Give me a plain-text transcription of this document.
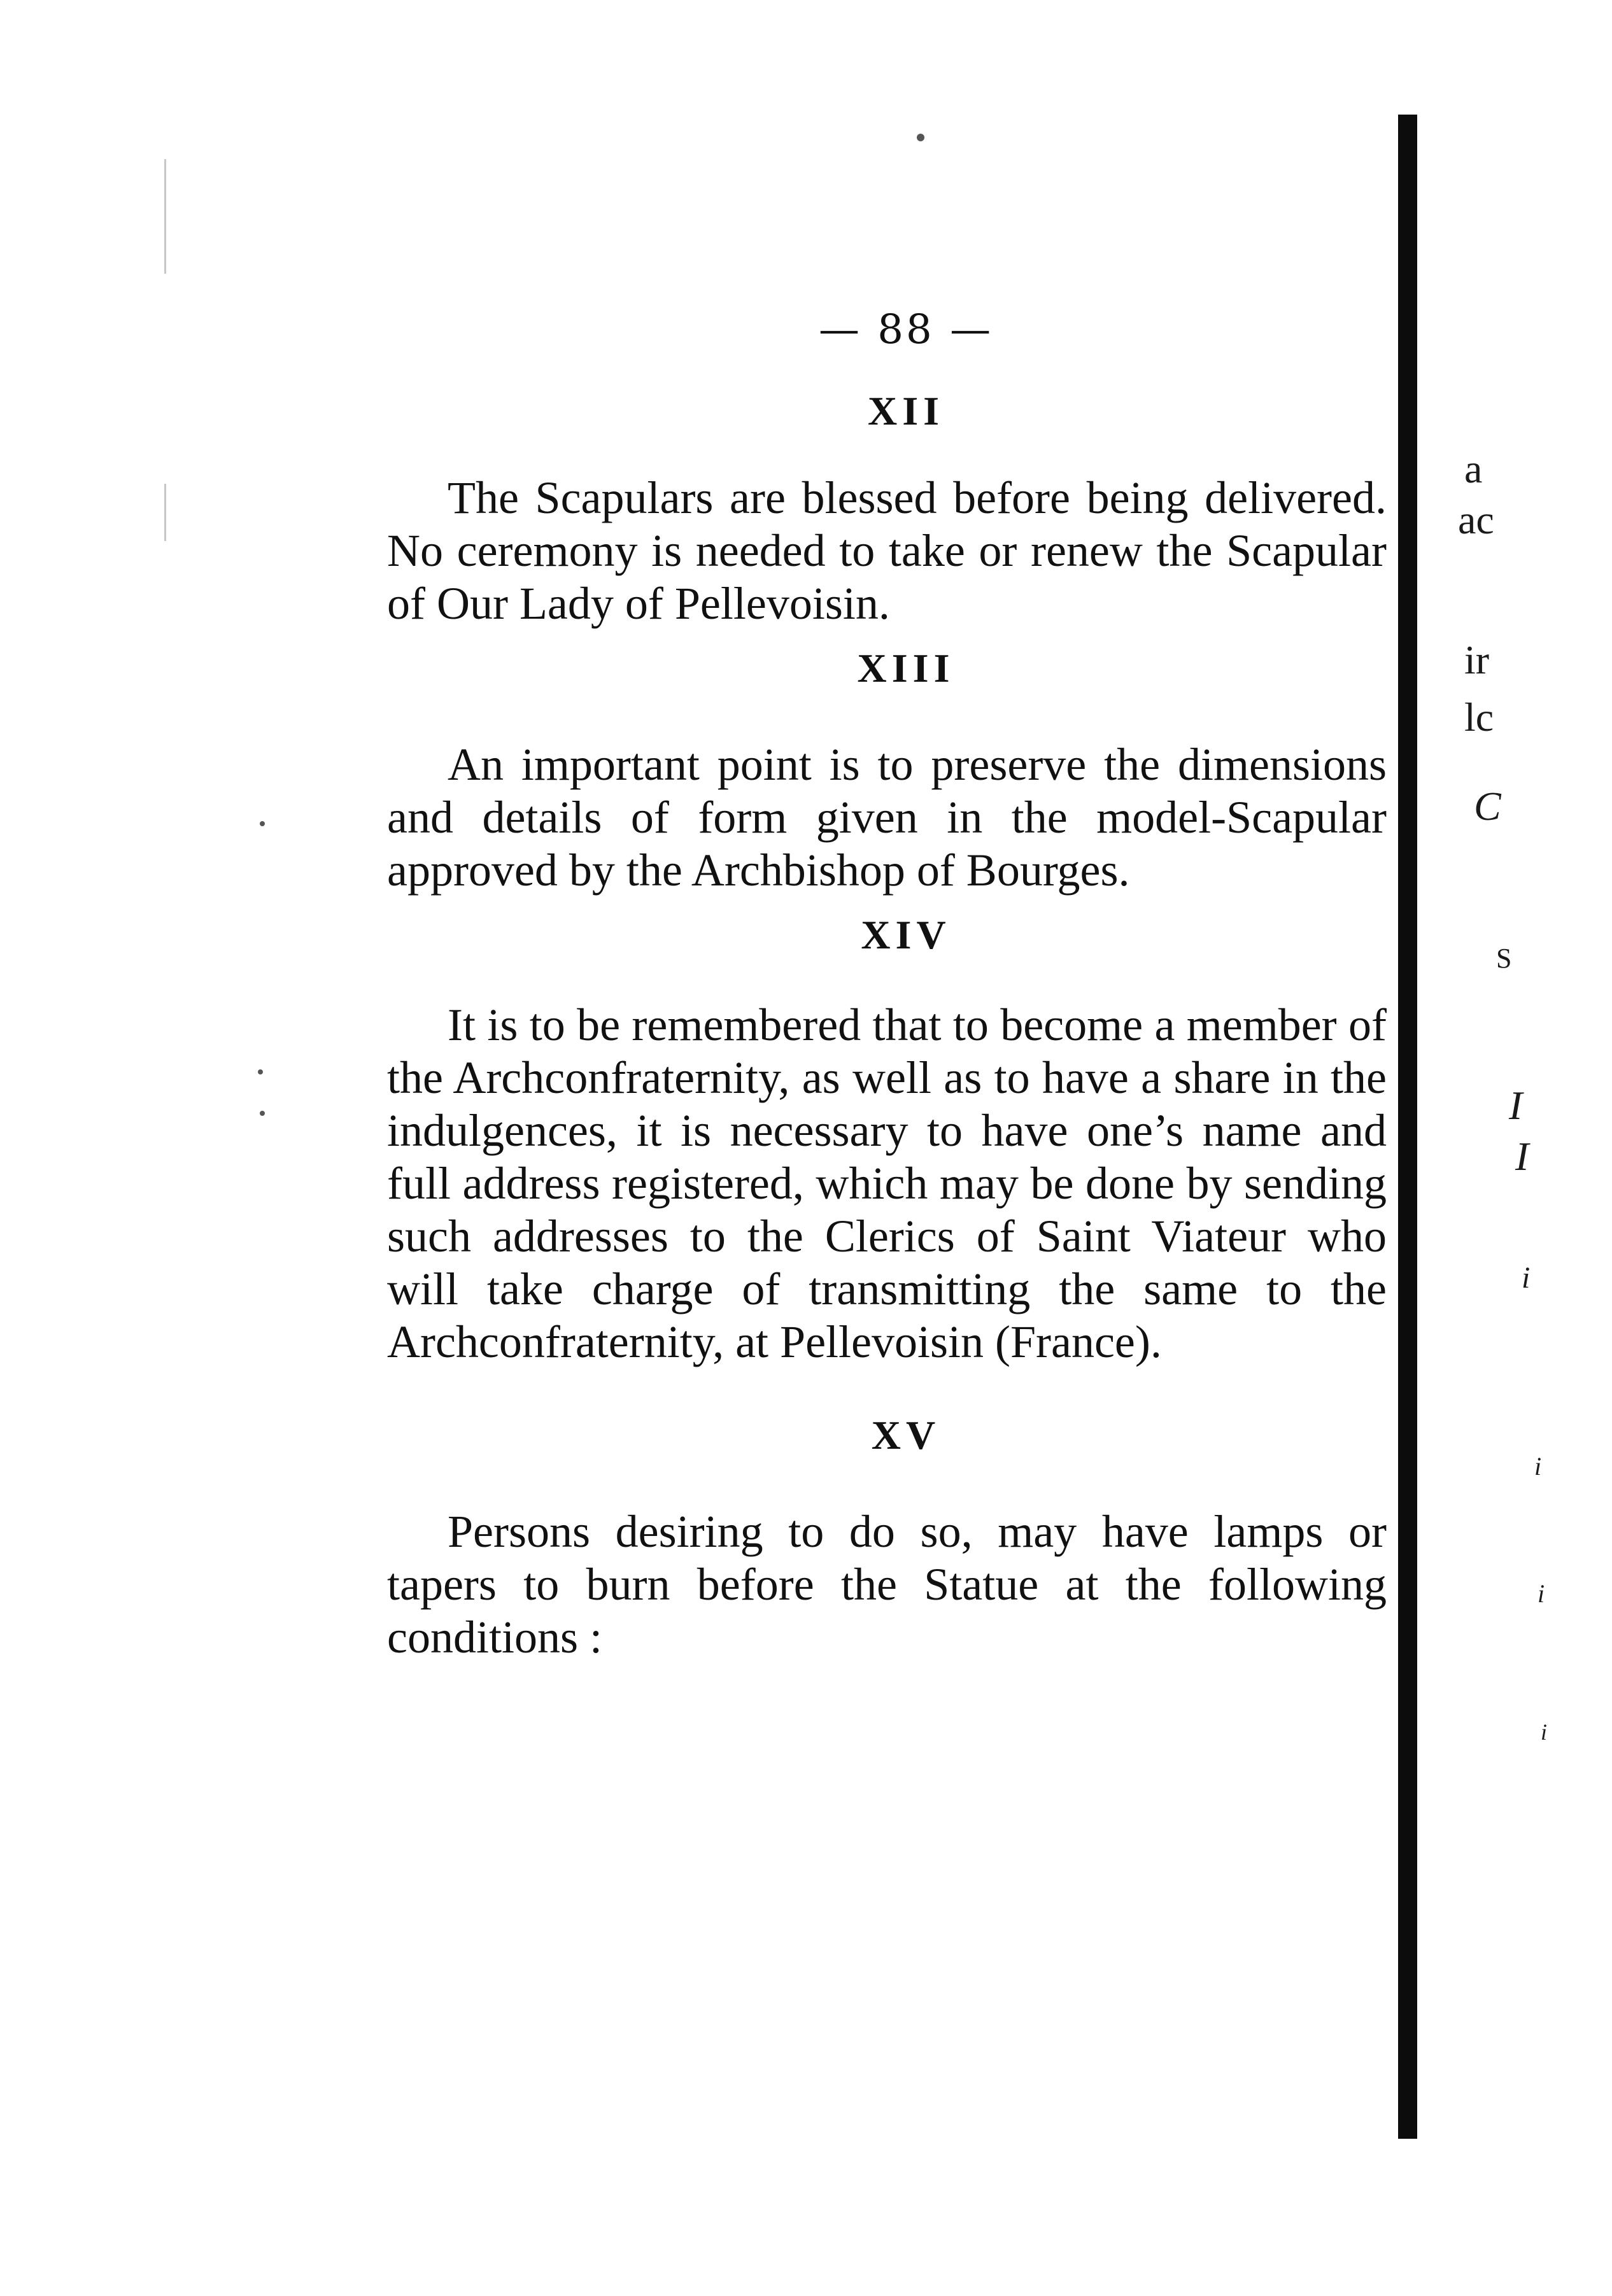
— 88 —
XII

The Scapulars are blessed before being delivered. No ceremony is needed to take or renew the Scapular of Our Lady of Pellevoisin.

XIII

An important point is to preserve the dimensions and details of form given in the model-Scapular approved by the Archbishop of Bourges.

XIV

It is to be remembered that to become a member of the Archconfraternity, as well as to have a share in the indulgences, it is necessary to have one’s name and full address registered, which may be done by sending such addresses to the Clerics of Saint Viateur who will take charge of transmitting the same to the Archconfraternity, at Pellevoisin (France).

XV

Persons desiring to do so, may have lamps or tapers to burn before the Statue at the following conditions :

a
ac
ir
lc
C
S
I
I
i
i
i
i
